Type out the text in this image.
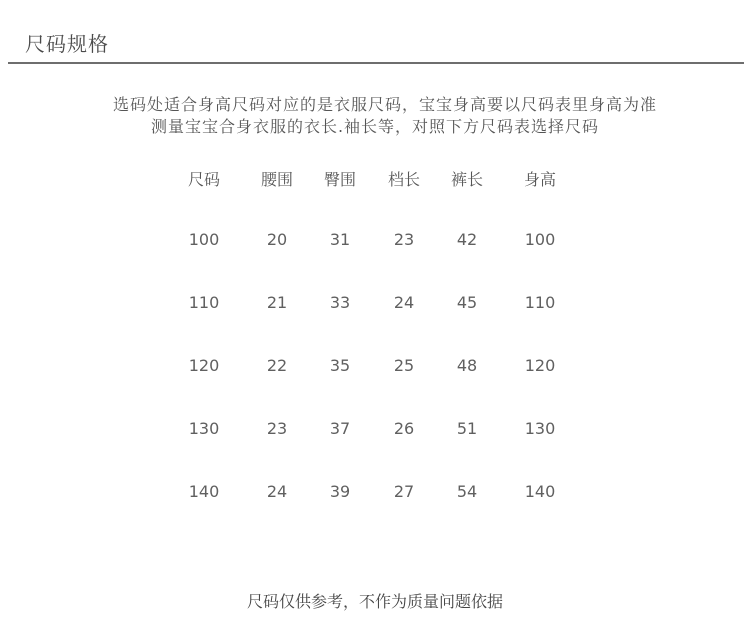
尺码规格
选码处适合身高尺码对应的是衣服尺码，宝宝身高要以尺码表里身高为准
测量宝宝合身衣服的衣长.袖长等，对照下方尺码表选择尺码
尺码	腰围 臀围 档长 裤长	身高
100	20	31	23	42	100
110	21	33	24	45	110
120	22	35	25	48	120
130	23	37	26	51	130
140	24	39	27	54	140
尺码仅供参考，不作为质量问题依据
